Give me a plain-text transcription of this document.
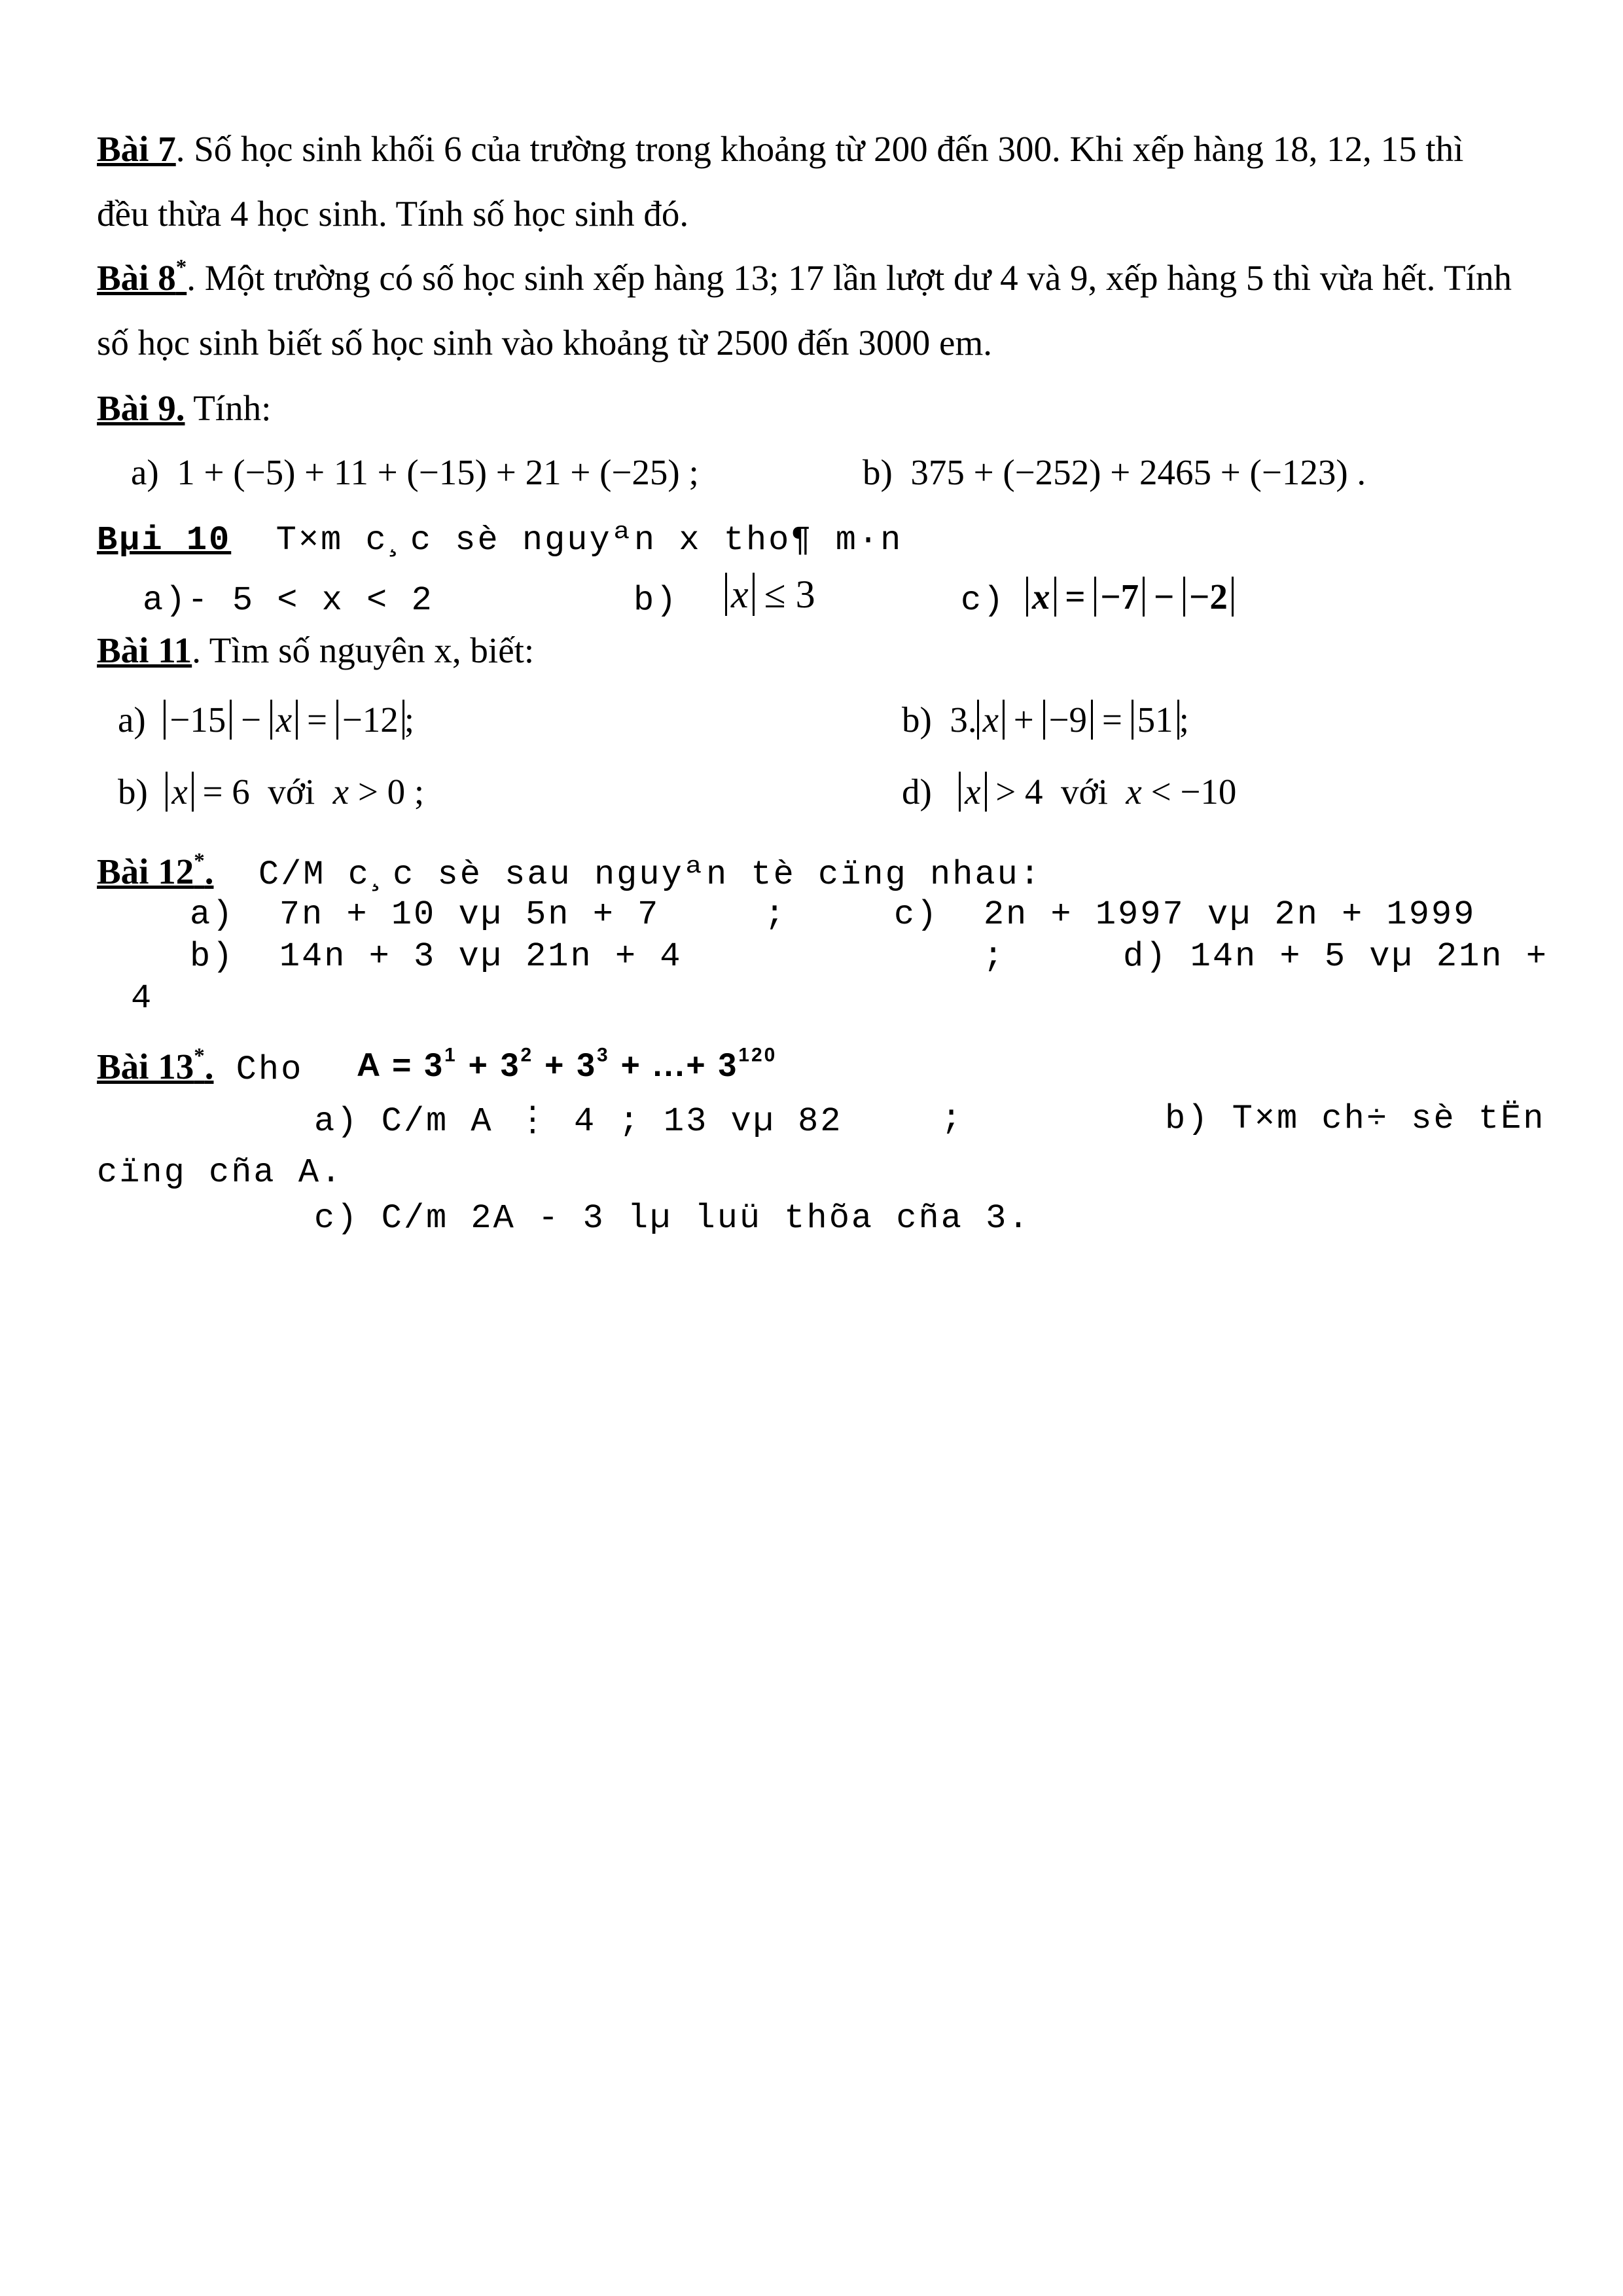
Bài 7. Số học sinh khối 6 của trường trong khoảng từ 200 đến 300. Khi xếp hàng 18, 12, 15 thì
đều thừa 4 học sinh. Tính số học sinh đó.
Bài 8*. Một trường có số học sinh xếp hàng 13; 17 lần lượt dư 4 và 9, xếp hàng 5 thì vừa hết. Tính
số học sinh biết số học sinh vào khoảng từ 2500 đến 3000 em.
Bài 9. Tính:
a) 1 + (−5) + 11 + (−15) + 21 + (−25) ;	b) 375 + (−252) + 2465 + (−123) .
Bµi 10  T×m c¸c sè nguyªn x tho¶ m·n
a)- 5 < x < 2	b) x ≤ 3	c) x = −7 − −2
Bài 11. Tìm số nguyên x, biết:
a) −15 − x = −12 ;	b) 3. x + −9 = 51 ;
b) x = 6  với  x > 0 ;	d) x > 4  với  x < −10
Bài 12*.  C/M c¸c sè sau nguyªn tè cïng nhau:
a)  7n + 10 vµ 5n + 7	;	c)  2n + 1997 vµ 2n + 1999
b)  14n + 3 vµ 21n + 4	;	d) 14n + 5 vµ 21n +
4
Bài 13*. Cho $A = 3^1 + 3^2 + 3^3$ + ...+ $3^{120}$
a) C/m A ⋮ 4 ; 13 vµ 82	;	b) T×m ch÷ sè tËn
cïng cña A.
c) C/m 2A - 3 lµ luü thõa cña 3.
